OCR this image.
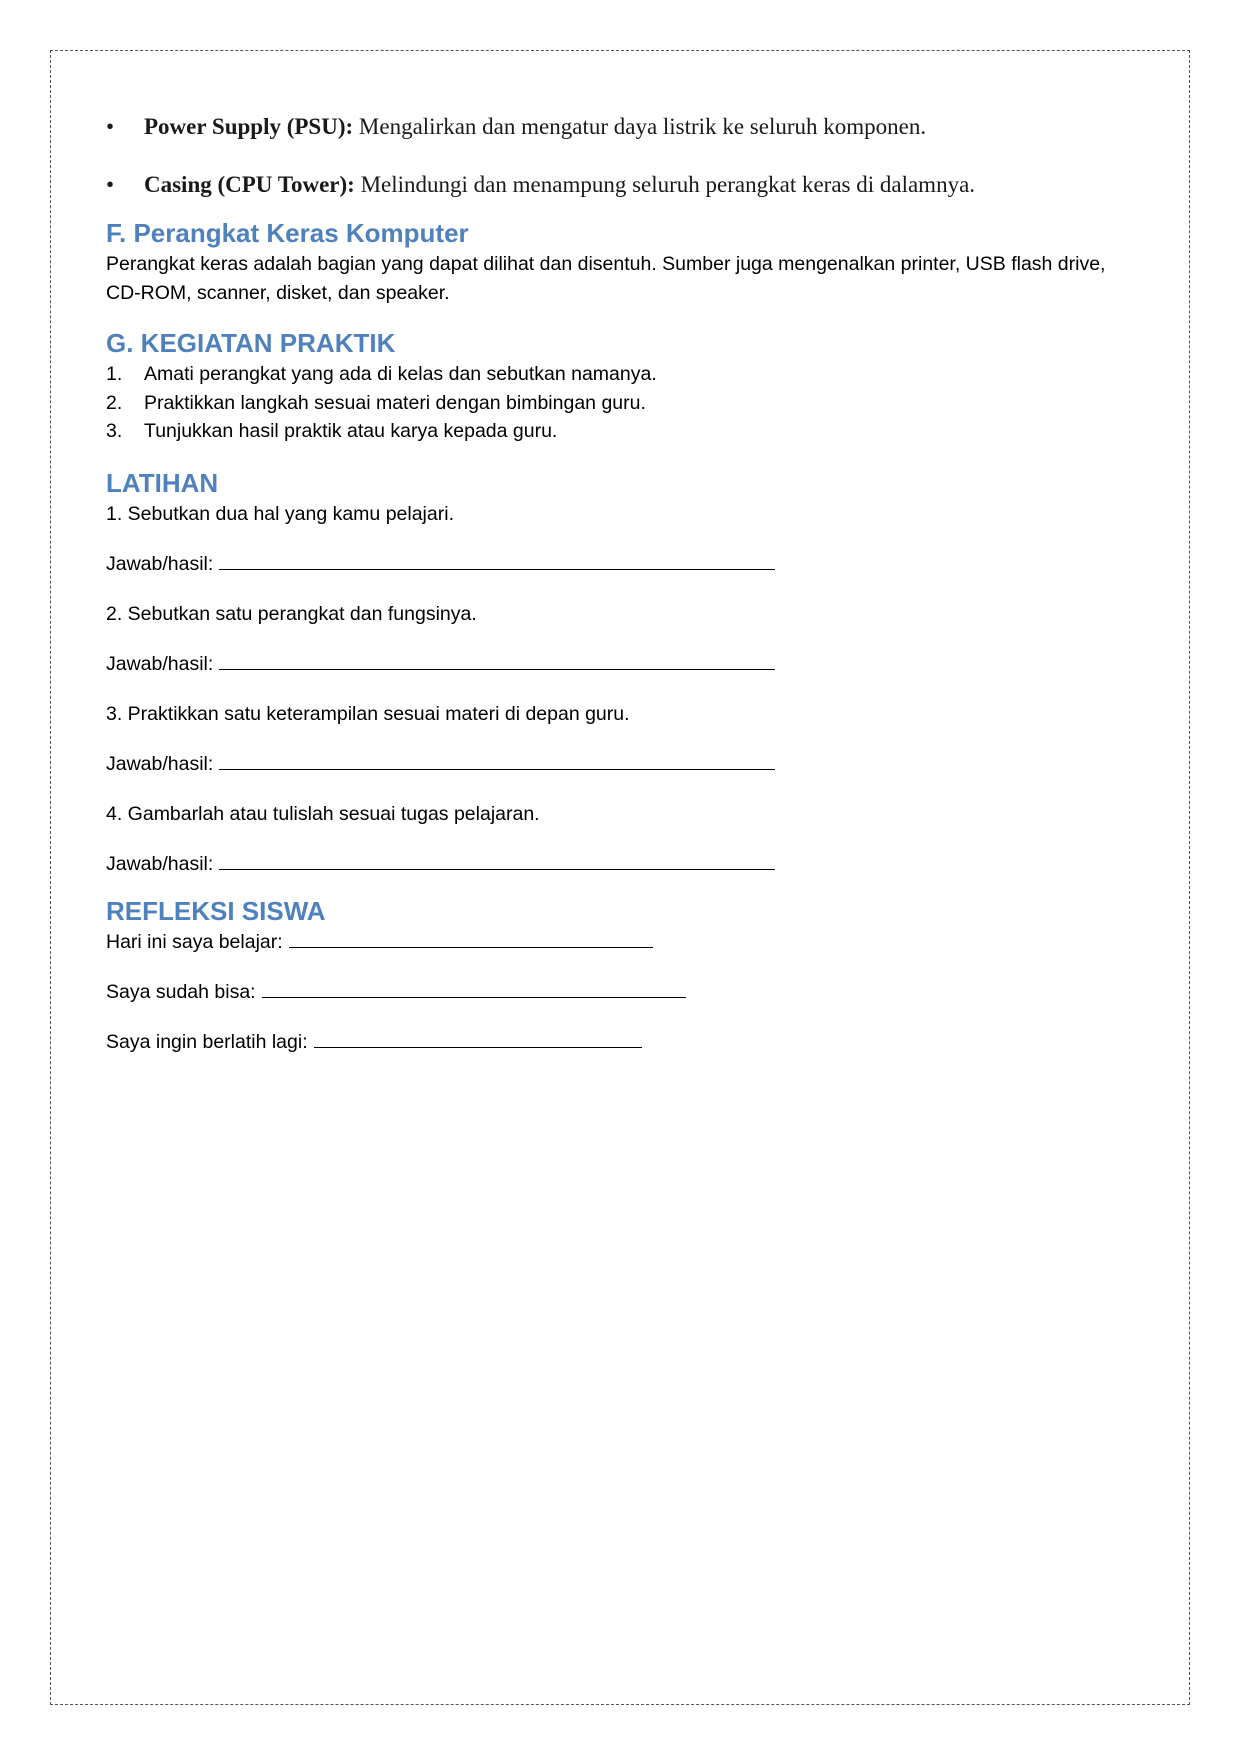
•	Power Supply (PSU): Mengalirkan dan mengatur daya listrik ke seluruh komponen.
•	Casing (CPU Tower): Melindungi dan menampung seluruh perangkat keras di dalamnya.
F. Perangkat Keras Komputer

Perangkat keras adalah bagian yang dapat dilihat dan disentuh. Sumber juga mengenalkan printer, USB flash drive, CD-ROM, scanner, disket, dan speaker.

G. KEGIATAN PRAKTIK
1. Amati perangkat yang ada di kelas dan sebutkan namanya.
2. Praktikkan langkah sesuai materi dengan bimbingan guru.
3. Tunjukkan hasil praktik atau karya kepada guru.
LATIHAN

1. Sebutkan dua hal yang kamu pelajari.

Jawab/hasil:

2. Sebutkan satu perangkat dan fungsinya.

Jawab/hasil:

3. Praktikkan satu keterampilan sesuai materi di depan guru.

Jawab/hasil:

4. Gambarlah atau tulislah sesuai tugas pelajaran.

Jawab/hasil:

REFLEKSI SISWA

Hari ini saya belajar:

Saya sudah bisa:

Saya ingin berlatih lagi:
